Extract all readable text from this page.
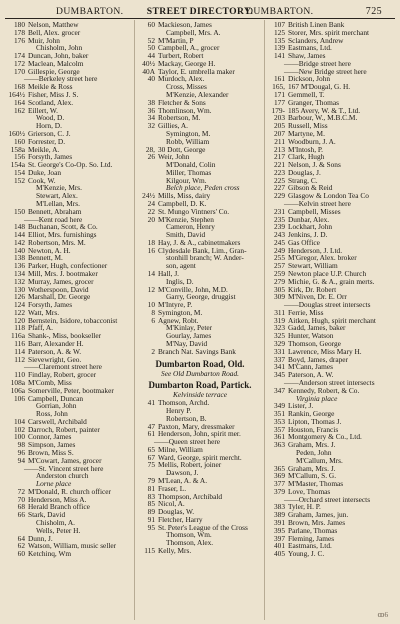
DUMBARTON.	STREET DIRECTORY.
DUMBARTON.	725
180 Nelson, Matthew
178 Bell, Alex. grocer
176 Muir, John
Chisholm, John
174 Duncan, John, baker
172 Maclean, Malcolm
170 Gillespie, George
——Berkeley street here
168 Meikle & Ross
164½ Fisher, Miss J. S.
164 Scotland, Alex.
162 Eillert, W.
Wood, D.
Horn, D.
160½ Grierson, C. J.
160 Forrester, D.
158a Meikle, A.
156 Forsyth, James
154a St. George's Co-Op. So. Ltd.
154 Duke, Joan
152 Cook, W.
M'Kenzie, Mrs.
Stewart, Alex.
M'Lellan, Mrs.
150 Bennett, Abraham
——Kent road here
148 Buchanan, Scott, & Co.
144 Elliot, Mrs. furnishings
142 Robertson, Mrs. M.
140 Newton, A. H.
138 Bennett, M.
136 Parker, Hugh, confectioner
134 Mill, Mrs. J. bootmaker
132 Murray, James, grocer
130 Wotherspoon, David
126 Marshall, Dr. George
124 Forsyth, James
122 Watt, Mrs.
120 Bernstein, Isidore, tobacconist
118 Pfaff, A.
116a Shank-, Miss, bookseller
116 Barr, Alexander H.
114 Paterson, A. & W.
112 Sievewright, Geo.
——Claremont street here
110 Findlay, Robert, grocer
108a M'Comb, Miss
106a Somerville, Peter, bootmaker
106 Campbell, Duncan
Gorrian, John
Ross, John
104 Carswell, Archibald
102 Darroch, Robert, painter
100 Connor, James
98 Simpson, James
96 Brown, Miss S.
94 M'Cowart, James, grocer
——St. Vincent street here
Anderston church
Lorne place
72 M'Donald, R. church officer
70 Henderson, Miss A.
68 Herald Branch office
66 Stark, David
Chisholm, A.
Wells, Peter H.
64 Dunn, J.
62 Watson, William, music seller
60 Ketchinq, Wm
60 Mackieson, James
Campbell, Mrs. A.
52 M'Martin, P
50 Campbell, A., grocer
44 Turbert, Robert
40½ Mackay, George H.
40A Taylor, E. umbrella maker
40 Murdoch, Alex.
Cross, Misses
M'Kenzie, Alexander
38 Fletcher & Sons
36 Thomlinson, Wm.
34 Robertson, M.
32 Gillies, A.
Symington, M.
Robb, William
28, 30 Dott, George
26 Weir, John
M'Donald, Colin
Miller, Thomas
Kilgour, Wm.
Belch place, Peden cross
24½ Mills, Miss, dairy
24 Campbell, D. K.
22 St. Mungo Vintners' Co.
20 M'Kenzie, Stephen
Cameron, Henry
Smith, David
18 Hay, J. & A., cabinetmakers
16 Clydesdale Bank, Lim., Gran-
stonhill branch; W. Ander-
son, agent
14 Hall, J.
Inglis, D.
12 M'Conville, John, M.D.
Garry, George, druggist
10 M'Intyre, P.
8 Symington, M.
6 Agnew, Robt.
M'Kinlay, Peter
Gourlay, James
M'Nay, David
2 Branch Nat. Savings Bank
Dumbarton Road, Old.
See Old Dumbarton Road.
Dumbarton Road, Partick.
Kelvinside terrace
41 Thomson, Archd.
Henry P.
Robertson, B.
47 Paxton, Mary, dressmaker
61 Henderson, John, spirit mer.
——Queen street here
65 Milne, William
67 Ward, George, spirit mercht.
75 Mellis, Robert, joiner
Dawson, J.
79 M'Lean, A. & A.
81 Fraser, L.
83 Thompson, Archibald
85 Nicol, A.
89 Douglas, W.
91 Fletcher, Harry
95 St. Peter's League of the Cross
Thomson, Wm.
Thomson, Alex.
115 Kelly, Mrs.
107 British Linen Bank
125 Storer, Mrs. spirit merchant
135 Sclanders, Andrew
139 Eastmans, Ltd.
141 Shaw, James
——Bridge street here
——New Bridge street here
161 Dickson, John
165, 167 M'Dougal, G. H.
171 Gemmell, T.
177 Granger, Thomas
179- 185 Avery, W. & T., Ltd.
203 Barbour, W., M.B.C.M.
205 Russell, Miss
207 Martyne, M.
211 Woodburn, J. A.
213 M'Intosh, P.
217 Clark, Hugh
221 Nelson, J. & Sons
223 Douglas, J.
225 Strang, C.
227 Gibson & Reid
229 Glasgow & London Tea Co
——Kelvin street here
231 Campbell, Misses
235 Dunbar, Alex.
239 Lockhart, John
243 Jenkins, J. D.
245 Gas Office
249 Henderson, J. Ltd.
255 M'Gregor, Alex. broker
257 Stewart, William
259 Newton place U.P. Church
279 Michie, G. & A., grain merts.
305 Kirk, Dr. Robert
309 M'Niven, Dr. E. Orr
——Douglas street intersects
311 Ferrie, Miss
319 Aitken, Hugh, spirit merchant
323 Gadd, James, baker
325 Hunter, Watson
329 Thomson, George
331 Lawrence, Miss Mary H.
337 Boyd, James, draper
341 M'Cann, James
345 Paterson, A. W.
——Anderson street intersects
347 Kennedy, Robert, & Co.
Virginia place
349 Lister, J.
351 Rankin, George
353 Lipton, Thomas J.
357 Houston, Francis
361 Montgomery & Co., Ltd.
363 Graham, Mrs. J.
Peden, John
M'Callum, Mrs.
365 Graham, Mrs. J.
369 M'Callum, S. G.
377 M'Master, Thomas
379 Love, Thomas
——Orchard street intersects
383 Tyler, H. P.
389 Graham, James, jun.
391 Brown, Mrs. James
395 Parlane, Thomas
397 Fleming, James
401 Eastmans, Ltd.
405 Young, J. C.
ꝏ6
